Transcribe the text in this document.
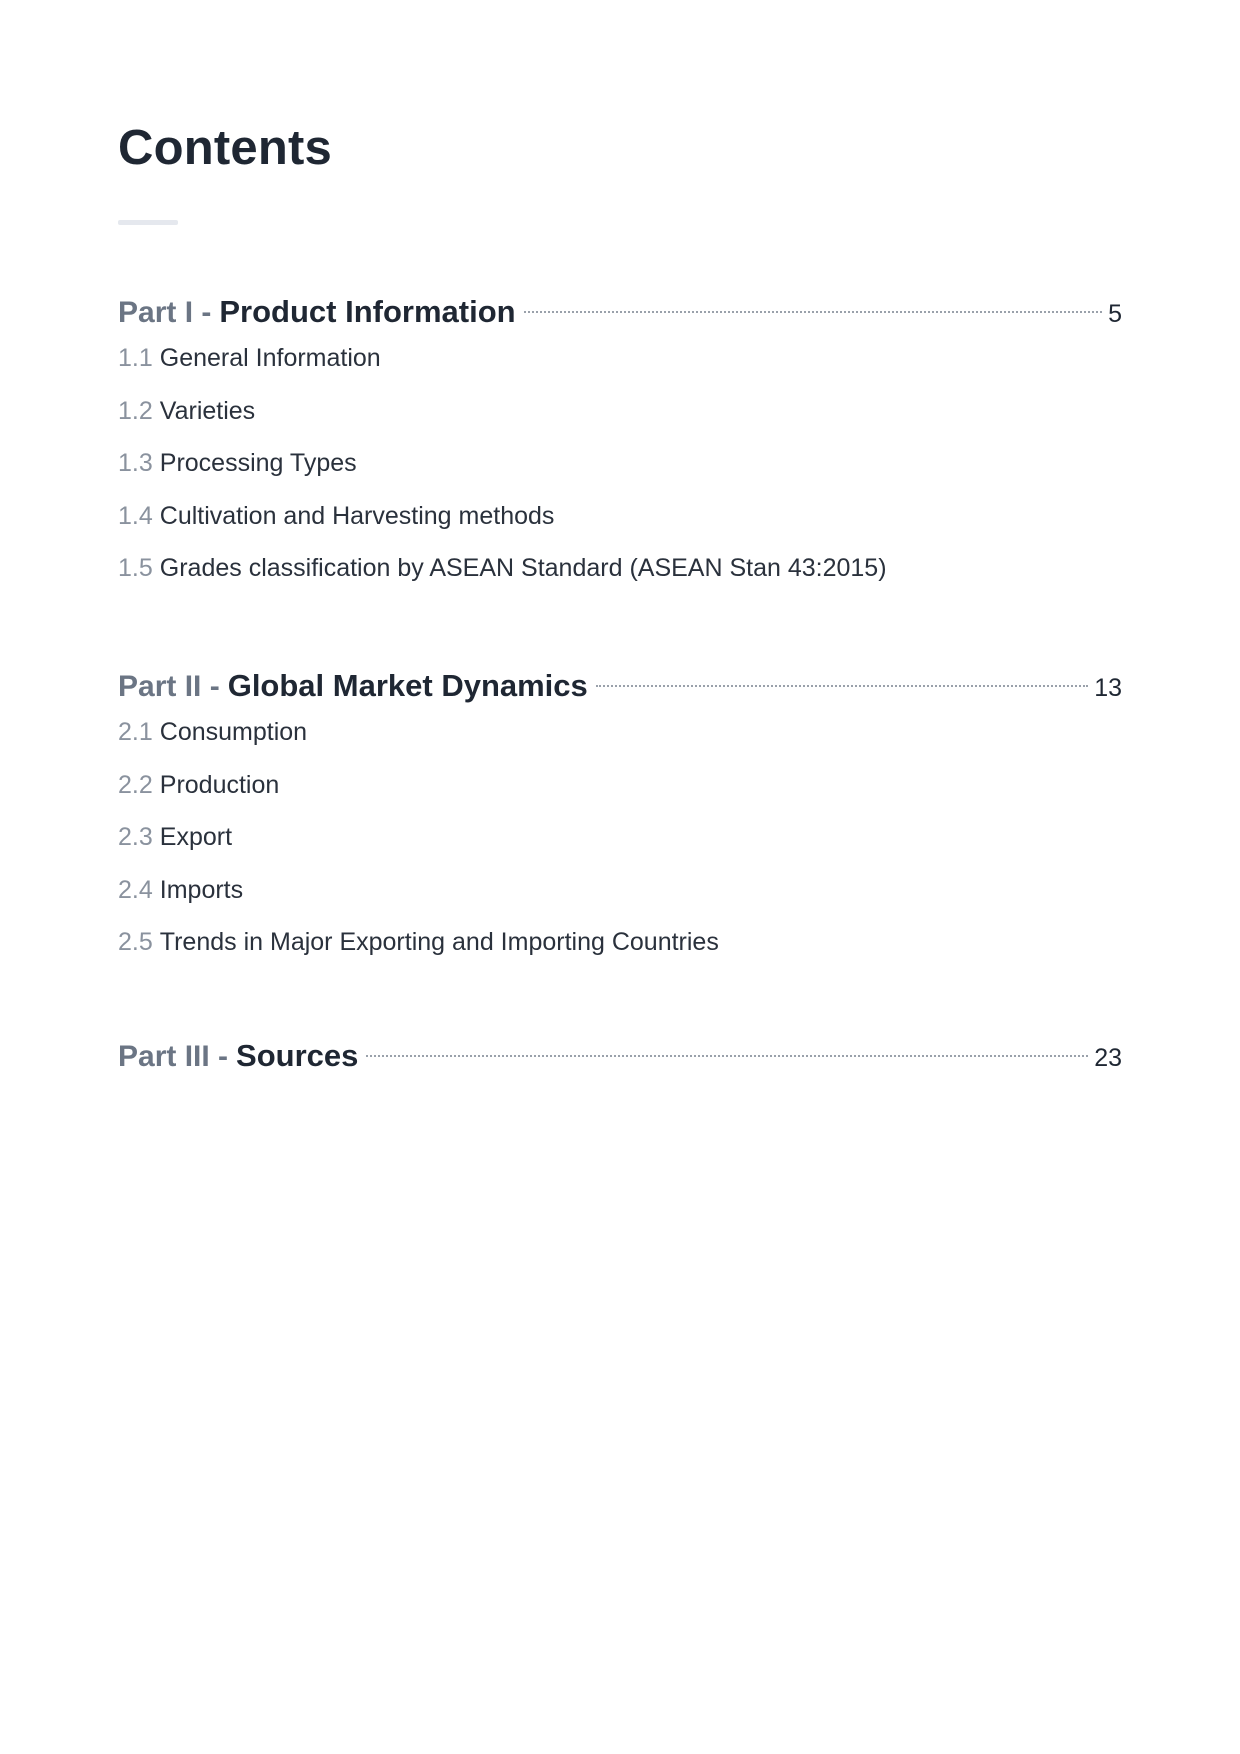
Contents
Part I - Product Information	5
1.1 General Information
1.2 Varieties
1.3 Processing Types
1.4 Cultivation and Harvesting methods
1.5 Grades classification by ASEAN Standard (ASEAN Stan 43:2015)
Part II - Global Market Dynamics	13
2.1 Consumption
2.2 Production
2.3 Export
2.4 Imports
2.5 Trends in Major Exporting and Importing Countries
Part III - Sources	23
